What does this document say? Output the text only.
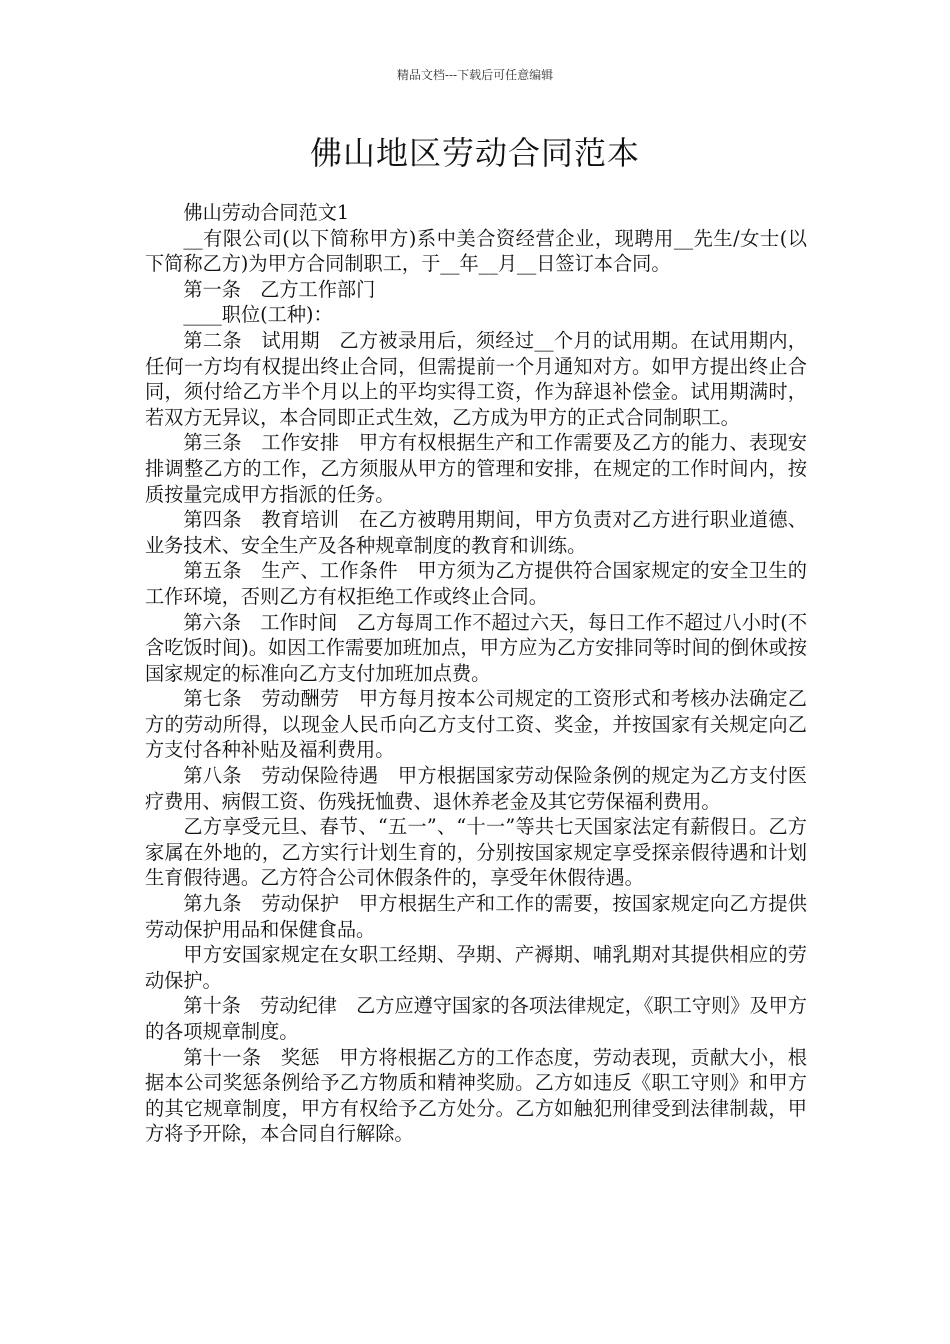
精品文档---下载后可任意编辑
佛山地区劳动合同范本

佛山劳动合同范文1

__有限公司(以下简称甲方)系中美合资经营企业，现聘用__先生/女士(以下简称乙方)为甲方合同制职工，于__年__月__日签订本合同。

第一条　乙方工作部门

____职位(工种)：

第二条　试用期　乙方被录用后，须经过__个月的试用期。在试用期内，任何一方均有权提出终止合同，但需提前一个月通知对方。如甲方提出终止合同，须付给乙方半个月以上的平均实得工资，作为辞退补偿金。试用期满时，若双方无异议，本合同即正式生效，乙方成为甲方的正式合同制职工。

第三条　工作安排　甲方有权根据生产和工作需要及乙方的能力、表现安排调整乙方的工作，乙方须服从甲方的管理和安排，在规定的工作时间内，按质按量完成甲方指派的任务。

第四条　教育培训　在乙方被聘用期间，甲方负责对乙方进行职业道德、业务技术、安全生产及各种规章制度的教育和训练。

第五条　生产、工作条件　甲方须为乙方提供符合国家规定的安全卫生的工作环境，否则乙方有权拒绝工作或终止合同。

第六条　工作时间　乙方每周工作不超过六天，每日工作不超过八小时(不含吃饭时间)。如因工作需要加班加点，甲方应为乙方安排同等时间的倒休或按国家规定的标准向乙方支付加班加点费。

第七条　劳动酬劳　甲方每月按本公司规定的工资形式和考核办法确定乙方的劳动所得，以现金人民币向乙方支付工资、奖金，并按国家有关规定向乙方支付各种补贴及福利费用。

第八条　劳动保险待遇　甲方根据国家劳动保险条例的规定为乙方支付医疗费用、病假工资、伤残抚恤费、退休养老金及其它劳保福利费用。

乙方享受元旦、春节、“五一”、“十一”等共七天国家法定有薪假日。乙方家属在外地的，乙方实行计划生育的，分别按国家规定享受探亲假待遇和计划生育假待遇。乙方符合公司休假条件的，享受年休假待遇。

第九条　劳动保护　甲方根据生产和工作的需要，按国家规定向乙方提供劳动保护用品和保健食品。

甲方安国家规定在女职工经期、孕期、产褥期、哺乳期对其提供相应的劳动保护。

第十条　劳动纪律　乙方应遵守国家的各项法律规定，《职工守则》及甲方的各项规章制度。

第十一条　奖惩　甲方将根据乙方的工作态度，劳动表现，贡献大小，根据本公司奖惩条例给予乙方物质和精神奖励。乙方如违反《职工守则》和甲方的其它规章制度，甲方有权给予乙方处分。乙方如触犯刑律受到法律制裁，甲方将予开除，本合同自行解除。
